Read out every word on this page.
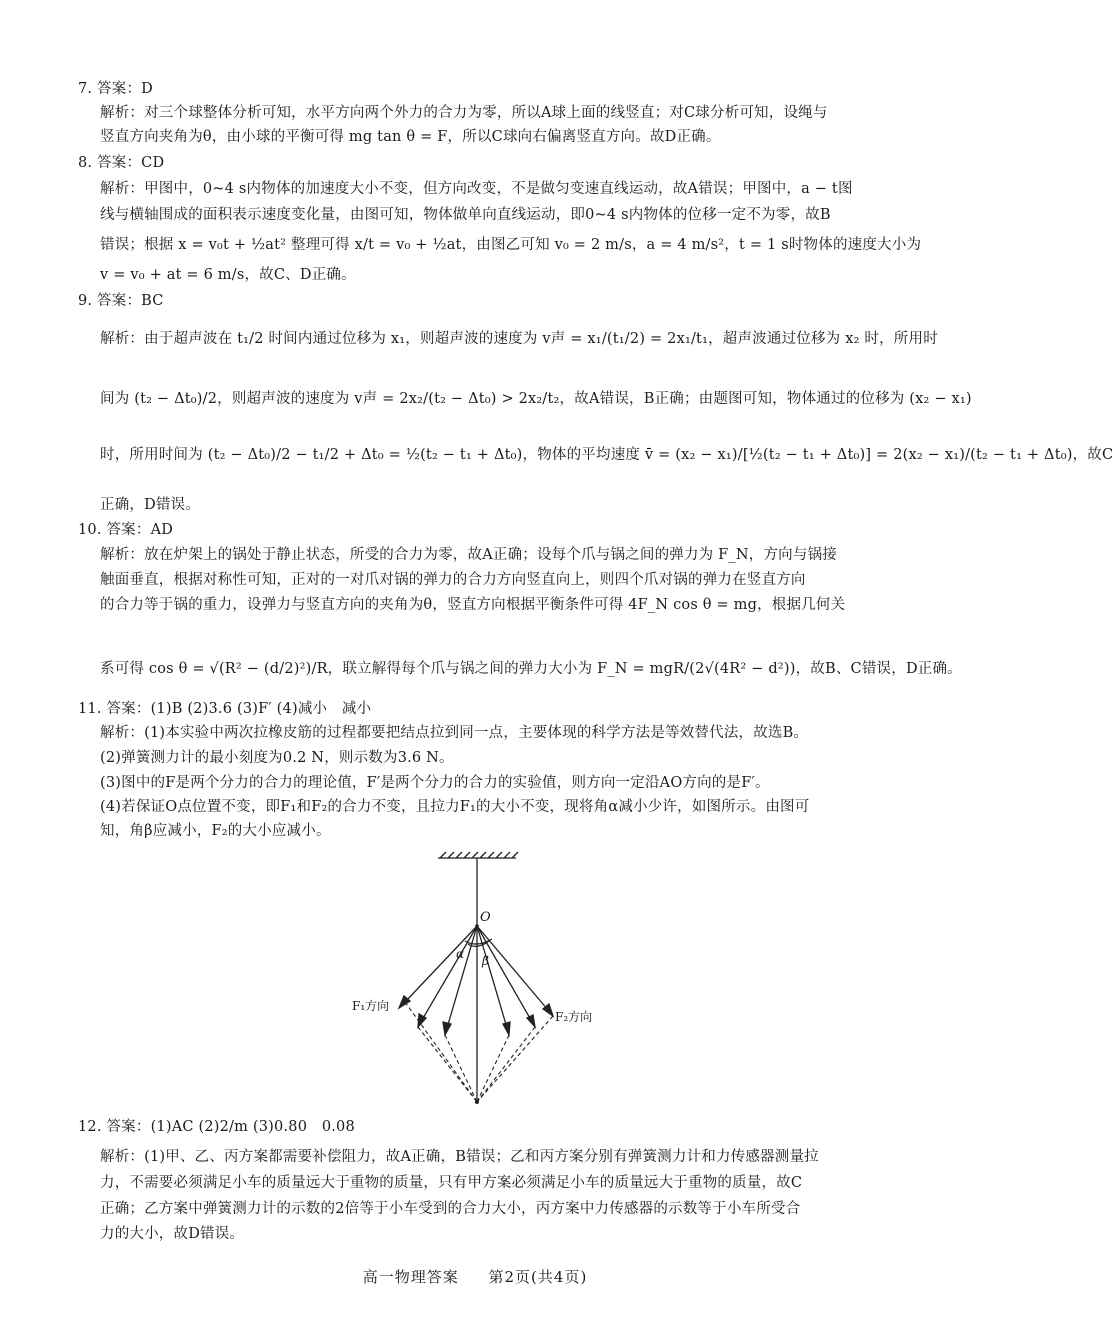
7. 答案：D
解析：对三个球整体分析可知，水平方向两个外力的合力为零，所以A球上面的线竖直；对C球分析可知，设绳与
竖直方向夹角为θ，由小球的平衡可得 mg tan θ = F，所以C球向右偏离竖直方向。故D正确。
8. 答案：CD
解析：甲图中，0~4 s内物体的加速度大小不变，但方向改变，不是做匀变速直线运动，故A错误；甲图中，a − t图
线与横轴围成的面积表示速度变化量，由图可知，物体做单向直线运动，即0~4 s内物体的位移一定不为零，故B
错误；根据 x = v₀t + ½at² 整理可得 x/t = v₀ + ½at，由图乙可知 v₀ = 2 m/s，a = 4 m/s²，t = 1 s时物体的速度大小为
v = v₀ + at = 6 m/s，故C、D正确。
9. 答案：BC
解析：由于超声波在 t₁/2 时间内通过位移为 x₁，则超声波的速度为 v声 = x₁/(t₁/2) = 2x₁/t₁，超声波通过位移为 x₂ 时，所用时
间为 (t₂ − Δt₀)/2，则超声波的速度为 v声 = 2x₂/(t₂ − Δt₀) > 2x₂/t₂，故A错误，B正确；由题图可知，物体通过的位移为 (x₂ − x₁)
时，所用时间为 (t₂ − Δt₀)/2 − t₁/2 + Δt₀ = ½(t₂ − t₁ + Δt₀)，物体的平均速度 v̄ = (x₂ − x₁)/[½(t₂ − t₁ + Δt₀)] = 2(x₂ − x₁)/(t₂ − t₁ + Δt₀)，故C
正确，D错误。
10. 答案：AD
解析：放在炉架上的锅处于静止状态，所受的合力为零，故A正确；设每个爪与锅之间的弹力为 F_N，方向与锅接
触面垂直，根据对称性可知，正对的一对爪对锅的弹力的合力方向竖直向上，则四个爪对锅的弹力在竖直方向
的合力等于锅的重力，设弹力与竖直方向的夹角为θ，竖直方向根据平衡条件可得 4F_N cos θ = mg，根据几何关
系可得 cos θ = √(R² − (d/2)²)/R，联立解得每个爪与锅之间的弹力大小为 F_N = mgR/(2√(4R² − d²))，故B、C错误，D正确。
11. 答案：(1)B (2)3.6 (3)F′ (4)减小　减小
解析：(1)本实验中两次拉橡皮筋的过程都要把结点拉到同一点，主要体现的科学方法是等效替代法，故选B。
(2)弹簧测力计的最小刻度为0.2 N，则示数为3.6 N。
(3)图中的F是两个分力的合力的理论值，F′是两个分力的合力的实验值，则方向一定沿AO方向的是F′。
(4)若保证O点位置不变，即F₁和F₂的合力不变，且拉力F₁的大小不变，现将角α减小少许，如图所示。由图可
知，角β应减小，F₂的大小应减小。
O
α β
F₁方向
F₂方向
12. 答案：(1)AC (2)2/m (3)0.80　0.08
解析：(1)甲、乙、丙方案都需要补偿阻力，故A正确，B错误；乙和丙方案分别有弹簧测力计和力传感器测量拉
力，不需要必须满足小车的质量远大于重物的质量，只有甲方案必须满足小车的质量远大于重物的质量，故C
正确；乙方案中弹簧测力计的示数的2倍等于小车受到的合力大小，丙方案中力传感器的示数等于小车所受合
力的大小，故D错误。
高一物理答案 第2页(共4页)
